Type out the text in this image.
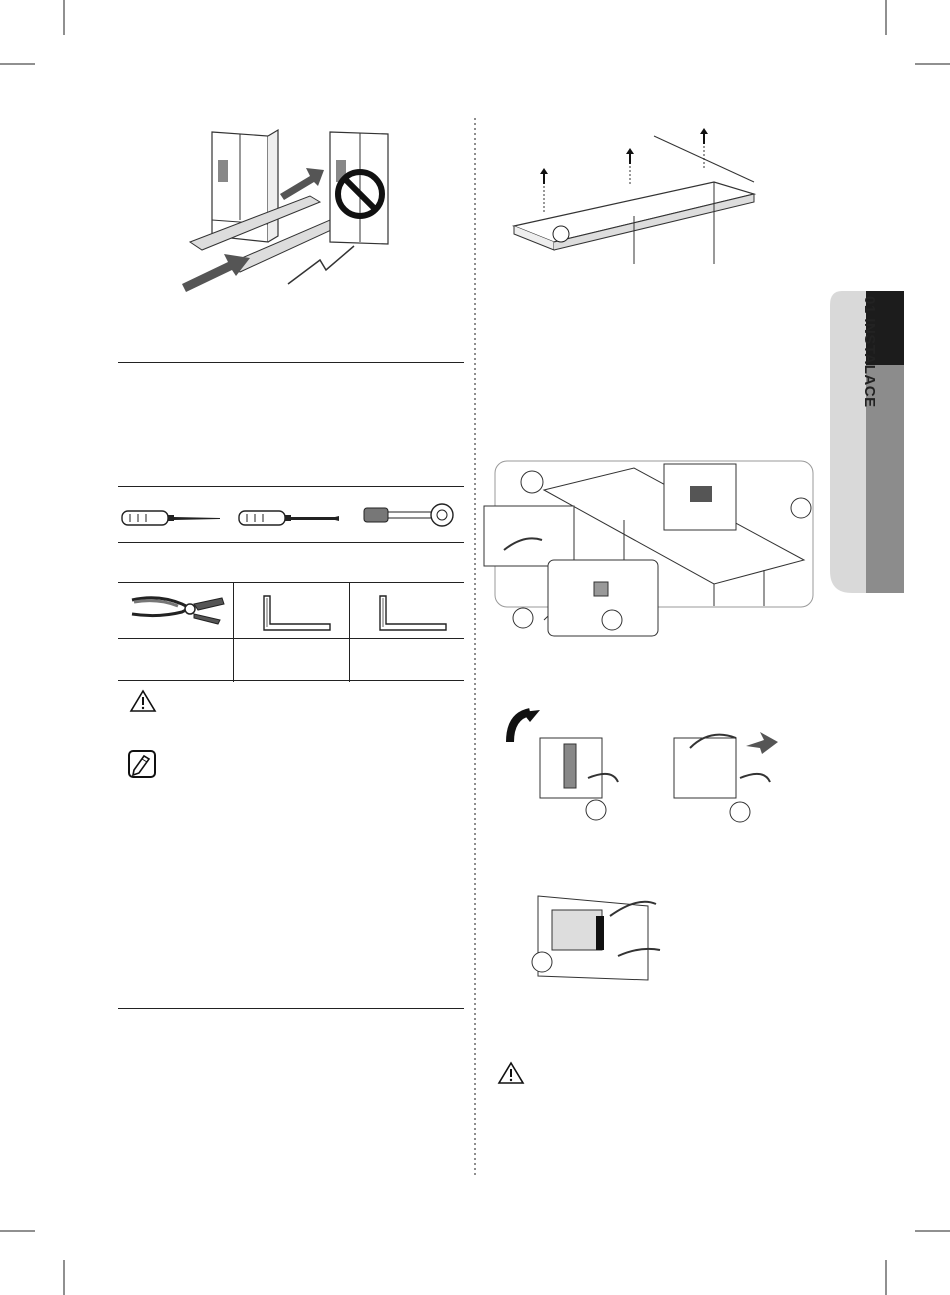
01 INSTALACE
